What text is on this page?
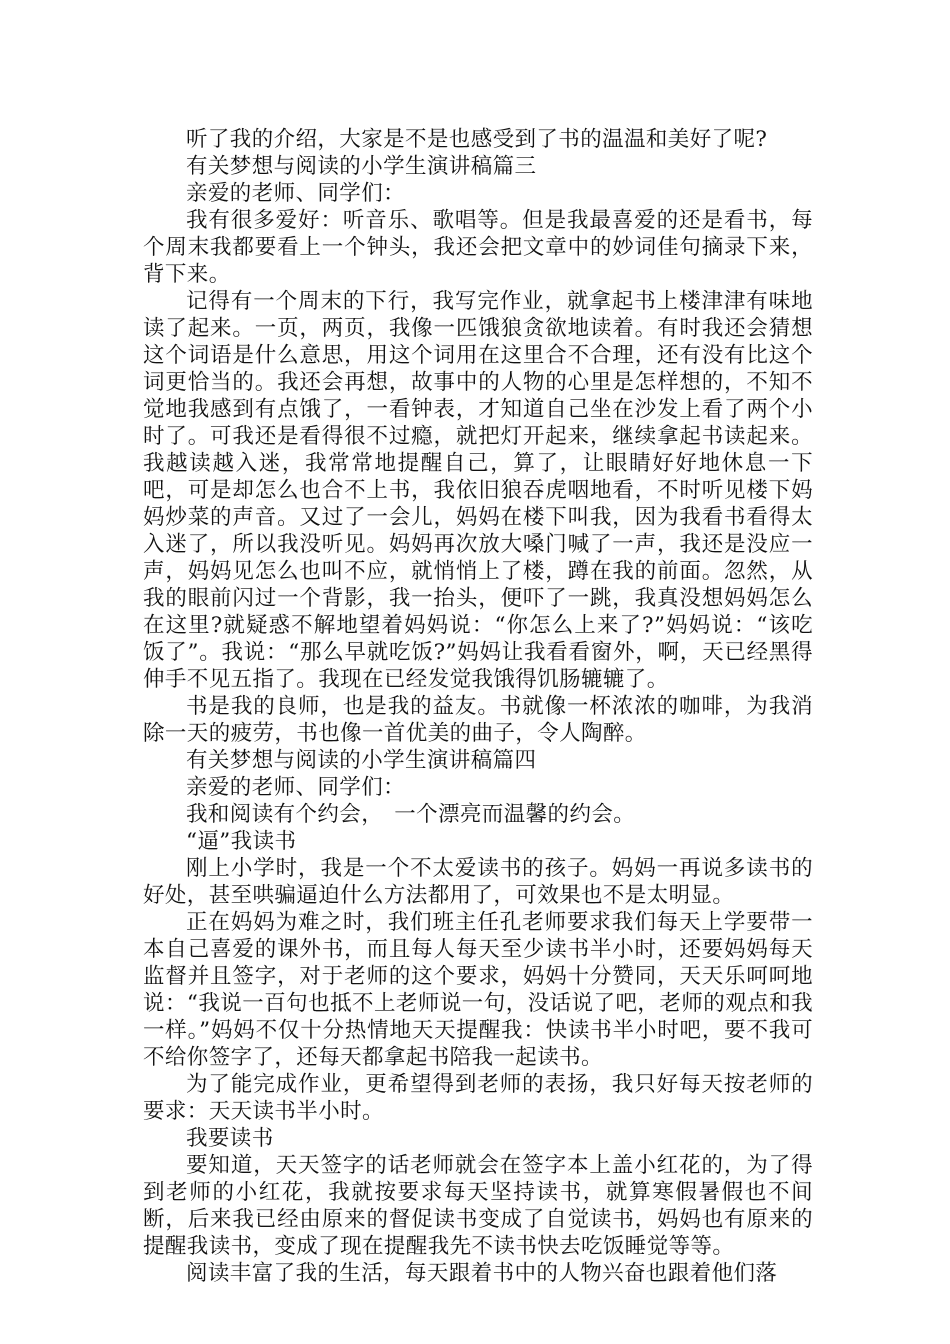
听了我的介绍，大家是不是也感受到了书的温温和美好了呢?

有关梦想与阅读的小学生演讲稿篇三

亲爱的老师、同学们：

我有很多爱好：听音乐、歌唱等。但是我最喜爱的还是看书，每个周末我都要看上一个钟头，我还会把文章中的妙词佳句摘录下来，背下来。

记得有一个周末的下行，我写完作业，就拿起书上楼津津有味地读了起来。一页，两页，我像一匹饿狼贪欲地读着。有时我还会猜想这个词语是什么意思，用这个词用在这里合不合理，还有没有比这个词更恰当的。我还会再想，故事中的人物的心里是怎样想的，不知不觉地我感到有点饿了，一看钟表，才知道自己坐在沙发上看了两个小时了。可我还是看得很不过瘾，就把灯开起来，继续拿起书读起来。我越读越入迷，我常常地提醒自己，算了，让眼睛好好地休息一下吧，可是却怎么也合不上书，我依旧狼吞虎咽地看，不时听见楼下妈妈炒菜的声音。又过了一会儿，妈妈在楼下叫我，因为我看书看得太入迷了，所以我没听见。妈妈再次放大嗓门喊了一声，我还是没应一声，妈妈见怎么也叫不应，就悄悄上了楼，蹲在我的前面。忽然，从我的眼前闪过一个背影，我一抬头，便吓了一跳，我真没想妈妈怎么在这里?就疑惑不解地望着妈妈说：“你怎么上来了?”妈妈说：“该吃饭了”。我说：“那么早就吃饭?”妈妈让我看看窗外，啊，天已经黑得伸手不见五指了。我现在已经发觉我饿得饥肠辘辘了。

书是我的良师，也是我的益友。书就像一杯浓浓的咖啡，为我消除一天的疲劳，书也像一首优美的曲子，令人陶醉。

有关梦想与阅读的小学生演讲稿篇四

亲爱的老师、同学们：

我和阅读有个约会，　一个漂亮而温馨的约会。

“逼”我读书

刚上小学时，我是一个不太爱读书的孩子。妈妈一再说多读书的好处，甚至哄骗逼迫什么方法都用了，可效果也不是太明显。

正在妈妈为难之时，我们班主任孔老师要求我们每天上学要带一本自己喜爱的课外书，而且每人每天至少读书半小时，还要妈妈每天监督并且签字，对于老师的这个要求，妈妈十分赞同，天天乐呵呵地说：“我说一百句也抵不上老师说一句，没话说了吧，老师的观点和我一样。”妈妈不仅十分热情地天天提醒我：快读书半小时吧，要不我可不给你签字了，还每天都拿起书陪我一起读书。

为了能完成作业，更希望得到老师的表扬，我只好每天按老师的要求：天天读书半小时。

我要读书

要知道，天天签字的话老师就会在签字本上盖小红花的，为了得到老师的小红花，我就按要求每天坚持读书，就算寒假暑假也不间断，后来我已经由原来的督促读书变成了自觉读书，妈妈也有原来的提醒我读书，变成了现在提醒我先不读书快去吃饭睡觉等等。

阅读丰富了我的生活，每天跟着书中的人物兴奋也跟着他们落
